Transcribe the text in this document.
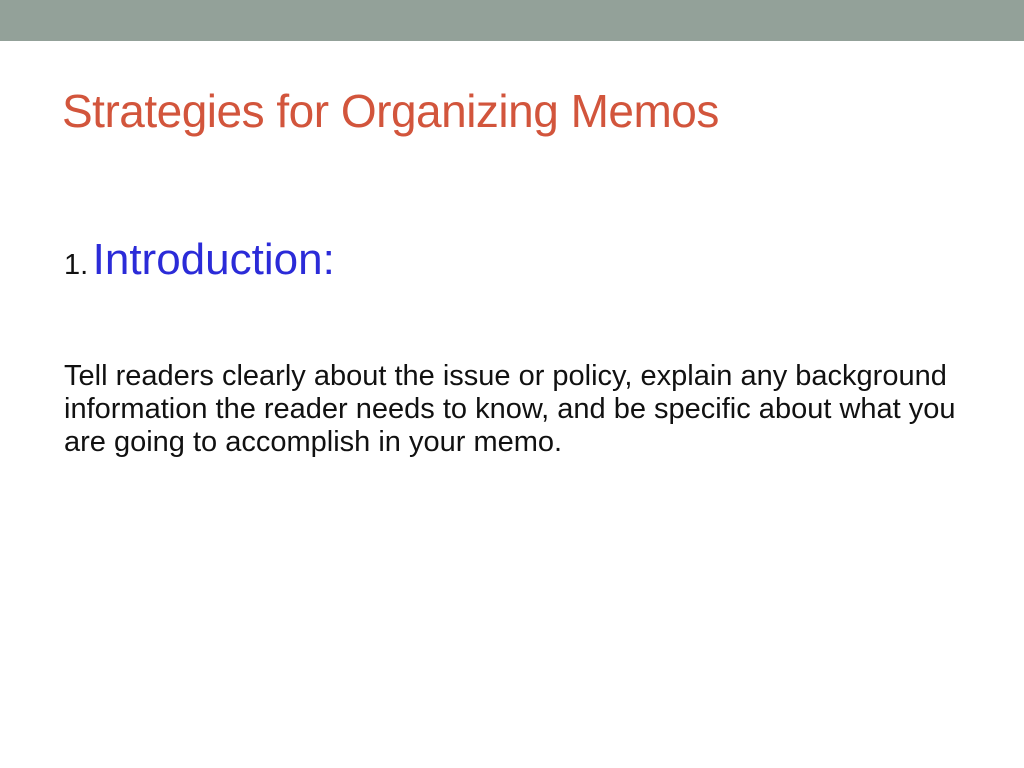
Strategies for Organizing Memos
1. Introduction:

Tell readers clearly about the issue or policy, explain any background information the reader needs to know, and be specific about what you are going to accomplish in your memo.
